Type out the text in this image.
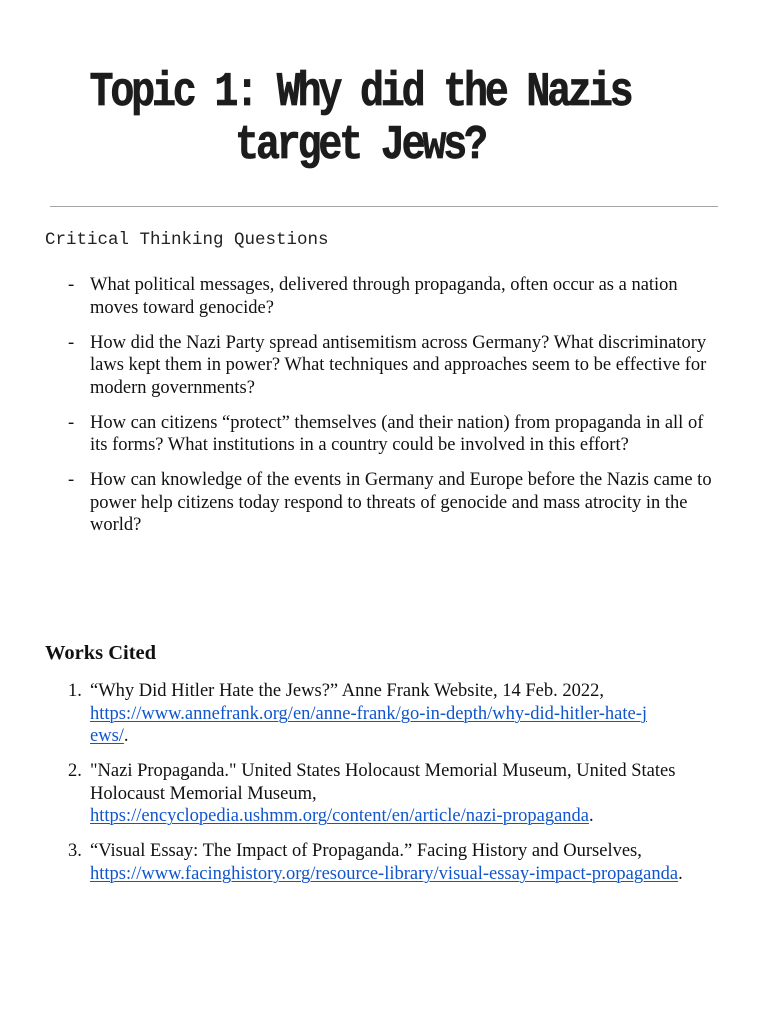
Topic 1: Why did the Nazis target Jews?
Critical Thinking Questions
- What political messages, delivered through propaganda, often occur as a nation moves toward genocide?
- How did the Nazi Party spread antisemitism across Germany? What discriminatory laws kept them in power? What techniques and approaches seem to be effective for modern governments?
- How can citizens “protect” themselves (and their nation) from propaganda in all of its forms? What institutions in a country could be involved in this effort?
- How can knowledge of the events in Germany and Europe before the Nazis came to power help citizens today respond to threats of genocide and mass atrocity in the world?
Works Cited
1. “Why Did Hitler Hate the Jews?” Anne Frank Website, 14 Feb. 2022,
https://www.annefrank.org/en/anne-frank/go-in-depth/why-did-hitler-hate-jews/.
2. "Nazi Propaganda." United States Holocaust Memorial Museum, United States Holocaust Memorial Museum,
https://encyclopedia.ushmm.org/content/en/article/nazi-propaganda.
3. “Visual Essay: The Impact of Propaganda.” Facing History and Ourselves,
https://www.facinghistory.org/resource-library/visual-essay-impact-propaganda.
